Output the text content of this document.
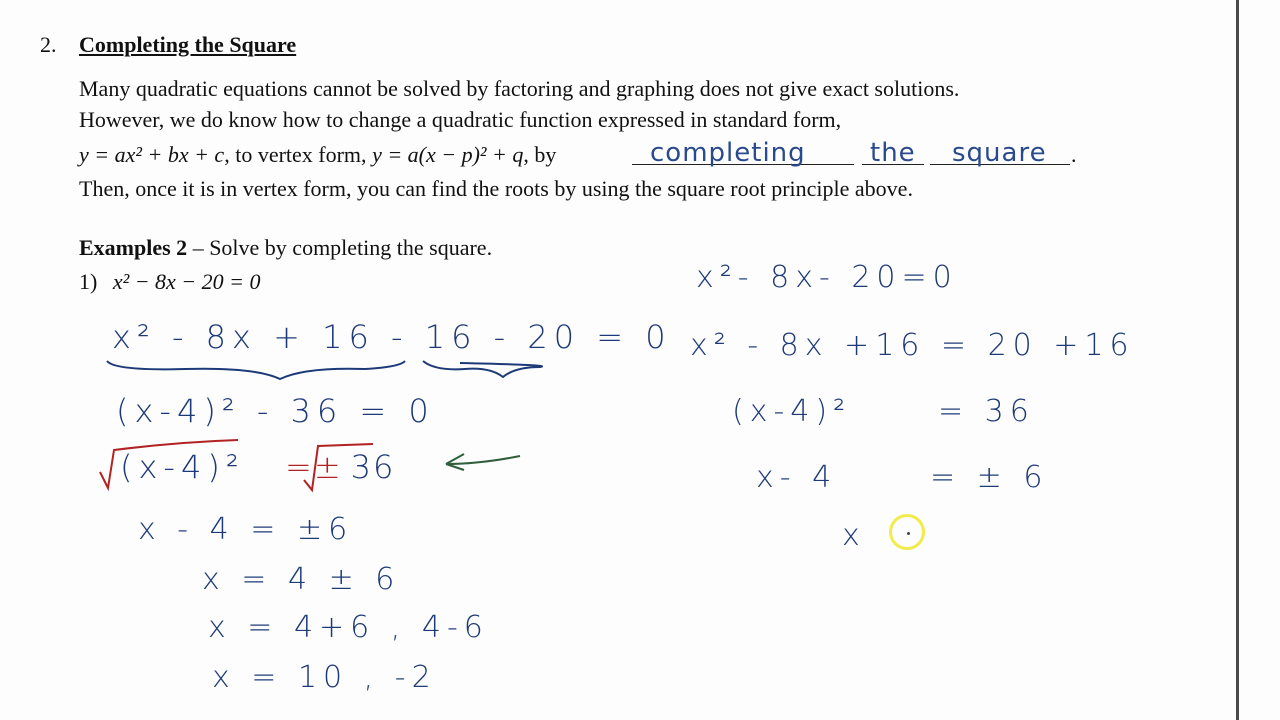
2. Completing the Square
Many quadratic equations cannot be solved by factoring and graphing does not give exact solutions.
However, we do know how to change a quadratic function expressed in standard form,
y = ax² + bx + c, to vertex form, y = a(x − p)² + q, by	completing the square .
Then, once it is in vertex form, you can find the roots by using the square root principle above.
Examples 2 – Solve by completing the square.
1) x² − 8x − 20 = 0
x² - 8x + 16 - 16 - 20 = 0
(x-4)² - 36 = 0
(x-4)² =± 36
x - 4 = ±6
x = 4 ± 6
x = 4+6 , 4-6
x = 10 , -2
x²- 8x- 20=0
x² - 8x +16 = 20 +16
(x-4)²	= 36
x- 4	= ± 6
x
